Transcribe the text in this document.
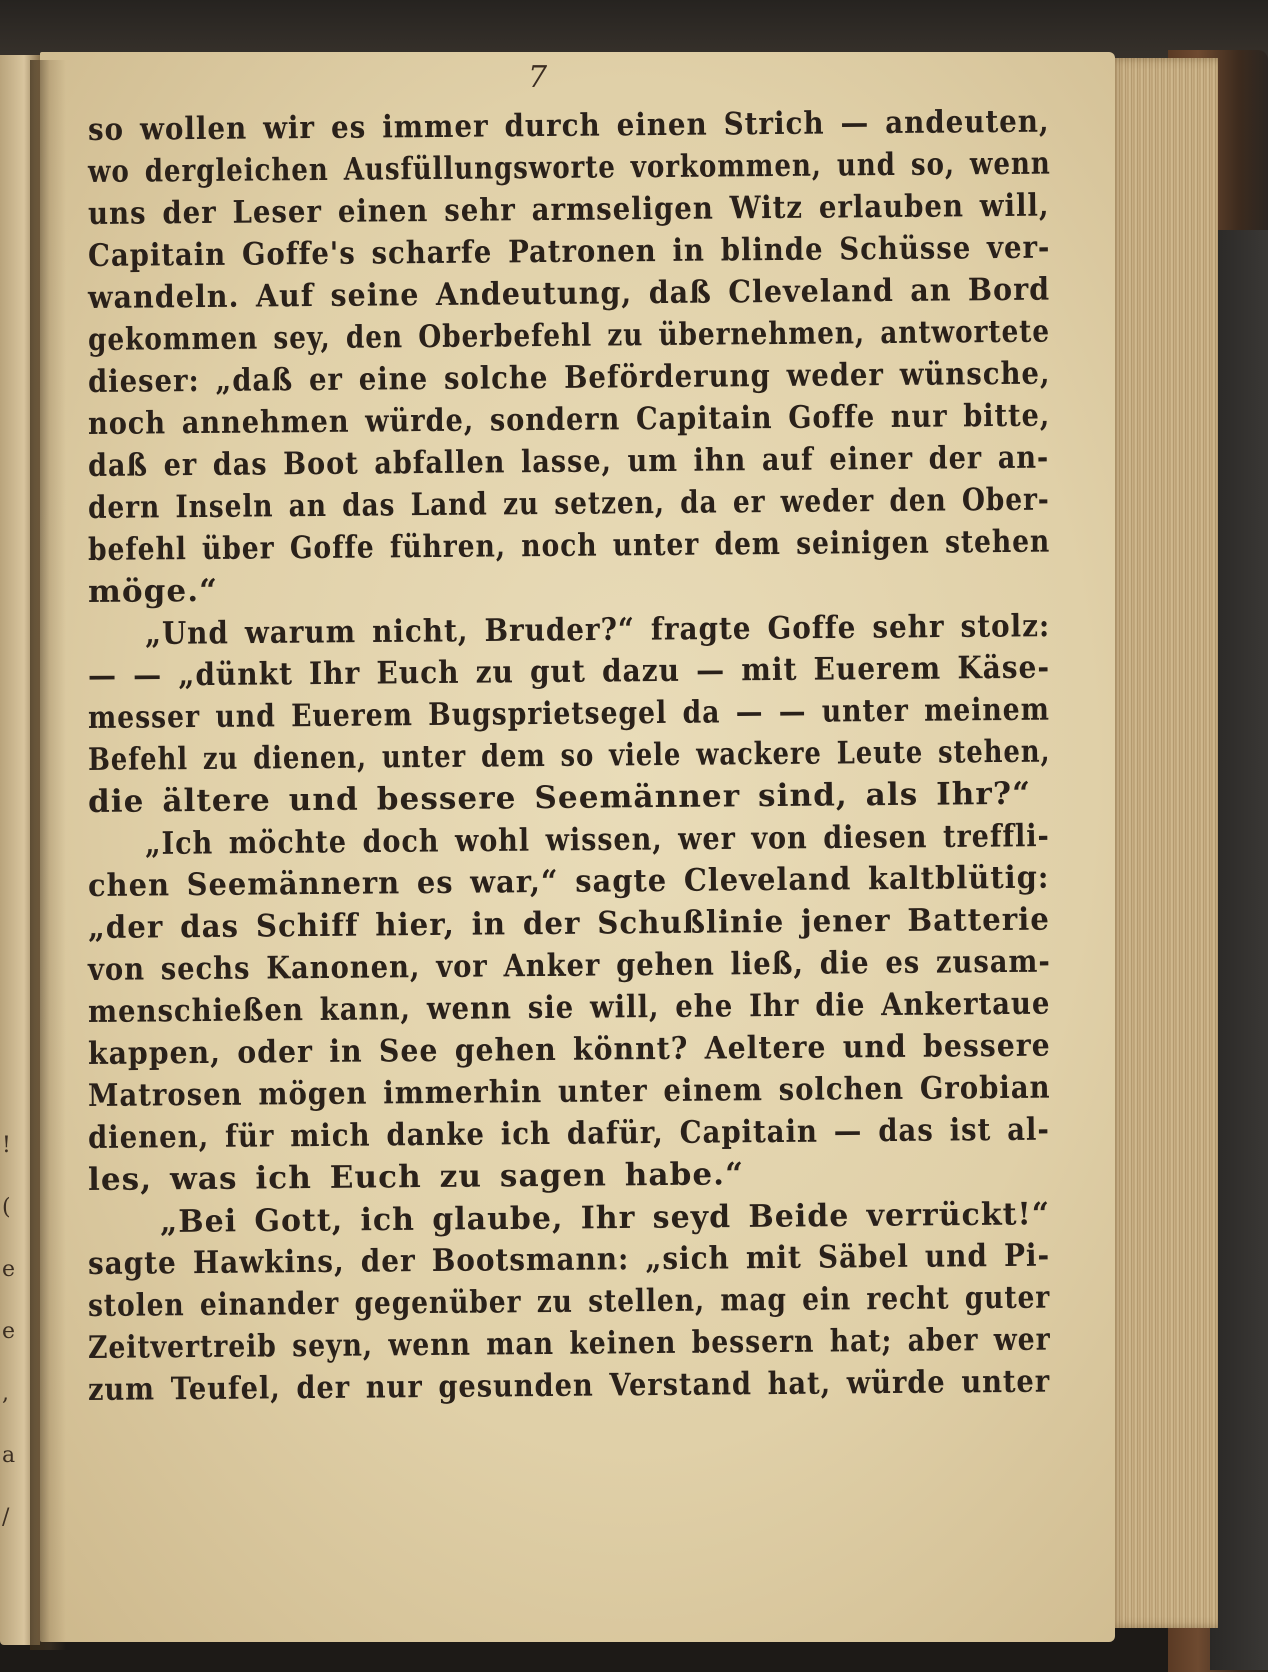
!
(
e
e
,
a
/
7
so wollen wir es immer durch einen Strich — andeuten,
wo dergleichen Ausfüllungsworte vorkommen, und so, wenn
uns der Leser einen sehr armseligen Witz erlauben will,
Capitain Goffe's scharfe Patronen in blinde Schüsse ver-
wandeln. Auf seine Andeutung, daß Cleveland an Bord
gekommen sey, den Oberbefehl zu übernehmen, antwortete
dieser: „daß er eine solche Beförderung weder wünsche,
noch annehmen würde, sondern Capitain Goffe nur bitte,
daß er das Boot abfallen lasse, um ihn auf einer der an-
dern Inseln an das Land zu setzen, da er weder den Ober-
befehl über Goffe führen, noch unter dem seinigen stehen
möge.“
„Und warum nicht, Bruder?“ fragte Goffe sehr stolz:
— — „dünkt Ihr Euch zu gut dazu — mit Euerem Käse-
messer und Euerem Bugsprietsegel da — — unter meinem
Befehl zu dienen, unter dem so viele wackere Leute stehen,
die ältere und bessere Seemänner sind, als Ihr?“
„Ich möchte doch wohl wissen, wer von diesen treffli-
chen Seemännern es war,“ sagte Cleveland kaltblütig:
„der das Schiff hier, in der Schußlinie jener Batterie
von sechs Kanonen, vor Anker gehen ließ, die es zusam-
menschießen kann, wenn sie will, ehe Ihr die Ankertaue
kappen, oder in See gehen könnt? Aeltere und bessere
Matrosen mögen immerhin unter einem solchen Grobian
dienen, für mich danke ich dafür, Capitain — das ist al-
les, was ich Euch zu sagen habe.“
„Bei Gott, ich glaube, Ihr seyd Beide verrückt!“
sagte Hawkins, der Bootsmann: „sich mit Säbel und Pi-
stolen einander gegenüber zu stellen, mag ein recht guter
Zeitvertreib seyn, wenn man keinen bessern hat; aber wer
zum Teufel, der nur gesunden Verstand hat, würde unter
